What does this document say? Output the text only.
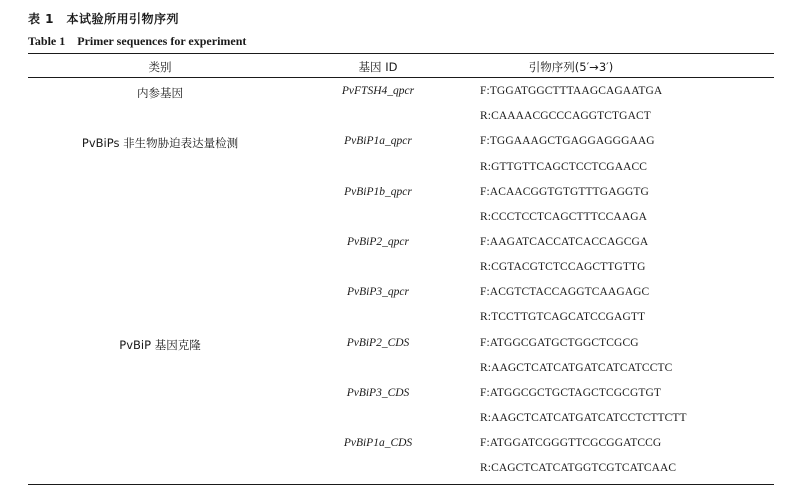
表 1　本试验所用引物序列
Table 1　Primer sequences for experiment
类别	基因 ID	引物序列(5′→3′)
内参基因
PvBiPs 非生物胁迫表达量检测
PvBiP 基因克隆
PvFTSH4_qpcr
PvBiP1a_qpcr
PvBiP1b_qpcr
PvBiP2_qpcr
PvBiP3_qpcr
PvBiP2_CDS
PvBiP3_CDS
PvBiP1a_CDS
F:TGGATGGCTTTAAGCAGAATGA
R:CAAAACGCCCAGGTCTGACT
F:TGGAAAGCTGAGGAGGGAAG
R:GTTGTTCAGCTCCTCGAACC
F:ACAACGGTGTGTTTGAGGTG
R:CCCTCCTCAGCTTTCCAAGA
F:AAGATCACCATCACCAGCGA
R:CGTACGTCTCCAGCTTGTTG
F:ACGTCTACCAGGTCAAGAGC
R:TCCTTGTCAGCATCCGAGTT
F:ATGGCGATGCTGGCTCGCG
R:AAGCTCATCATGATCATCATCCTC
F:ATGGCGCTGCTAGCTCGCGTGT
R:AAGCTCATCATGATCATCCTCTTCTT
F:ATGGATCGGGTTCGCGGATCCG
R:CAGCTCATCATGGTCGTCATCAAC
